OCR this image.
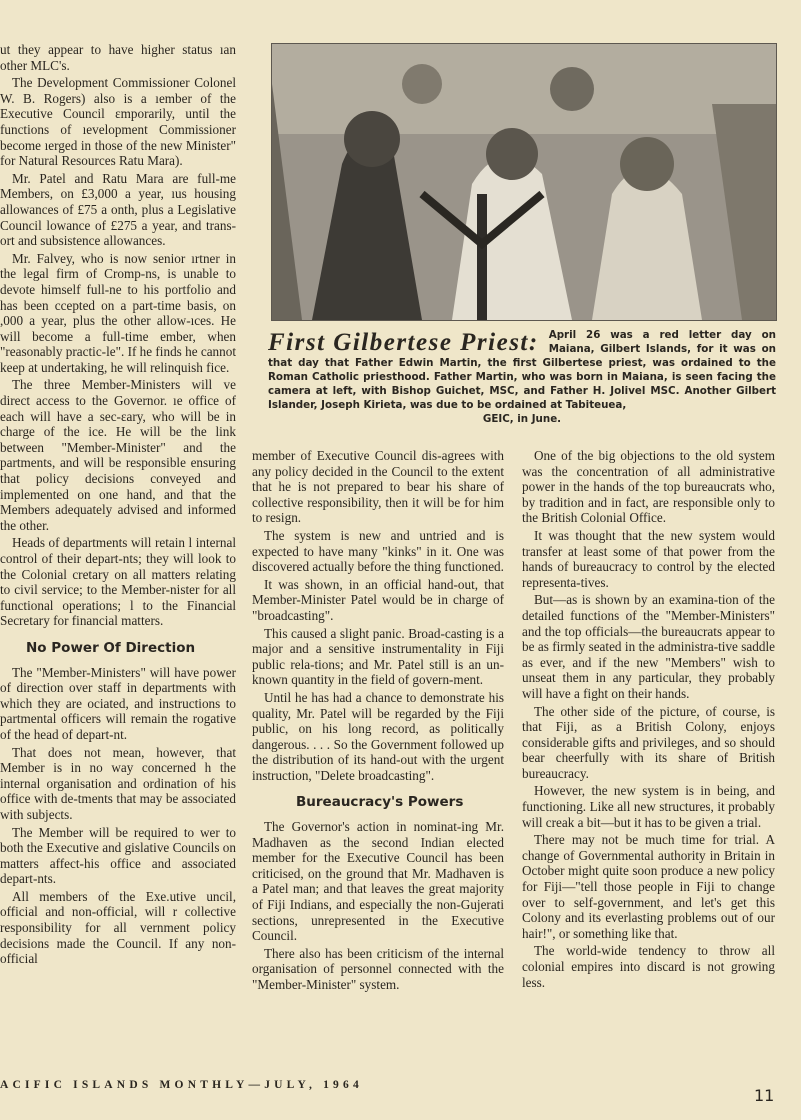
First Gilbertese Priest: April 26 was a red letter day on Maiana, Gilbert Islands, for it was on that day that Father Edwin Martin, the first Gilbertese priest, was ordained to the Roman Catholic priesthood. Father Martin, who was born in Maiana, is seen facing the camera at left, with Bishop Guichet, MSC, and Father H. Jolivel MSC. Another Gilbert Islander, Joseph Kirieta, was due to be ordained at Tabiteuea,
GEIC, in June.

ut they appear to have higher status ıan other MLC's.

The Development Commissioner Colonel W. B. Rogers) also is a ıember of the Executive Council ɛmporarily, until the functions of ıevelopment Commissioner become ıerged in those of the new Minister" for Natural Resources Ratu Mara).

Mr. Patel and Ratu Mara are full-me Members, on £3,000 a year, ıus housing allowances of £75 a onth, plus a Legislative Council lowance of £275 a year, and trans-ort and subsistence allowances.

Mr. Falvey, who is now senior ırtner in the legal firm of Cromp-ns, is unable to devote himself full-ne to his portfolio and has been ccepted on a part-time basis, on ,000 a year, plus the other allow-ıces. He will become a full-time ember, when "reasonably practic-le". If he finds he cannot keep at undertaking, he will relinquish fice.

The three Member-Ministers will ve direct access to the Governor. ıe office of each will have a sec-ɛary, who will be in charge of the ice. He will be the link between "Member-Minister" and the partments, and will be responsible ensuring that policy decisions conveyed and implemented on one hand, and that the Members adequately advised and informed the other.

Heads of departments will retain l internal control of their depart-nts; they will look to the Colonial cretary on all matters relating to civil service; to the Member-nister for all functional operations; l to the Financial Secretary for financial matters.

No Power Of Direction

The "Member-Ministers" will have power of direction over staff in departments with which they are ociated, and instructions to partmental officers will remain the rogative of the head of depart-nt.

That does not mean, however, that Member is in no way concerned h the internal organisation and ordination of his office with de-tments that may be associated with subjects.

The Member will be required to wer to both the Executive and gislative Councils on matters affect-his office and associated depart-nts.

All members of the Exe.utive uncil, official and non-official, will r collective responsibility for all vernment policy decisions made the Council. If any non-official

member of Executive Council dis-agrees with any policy decided in the Council to the extent that he is not prepared to bear his share of collective responsibility, then it will be for him to resign.

The system is new and untried and is expected to have many "kinks" in it. One was discovered actually before the thing functioned.

It was shown, in an official hand-out, that Member-Minister Patel would be in charge of "broadcasting".

This caused a slight panic. Broad-casting is a major and a sensitive instrumentality in Fiji public rela-tions; and Mr. Patel still is an un-known quantity in the field of govern-ment.

Until he has had a chance to demonstrate his quality, Mr. Patel will be regarded by the Fiji public, on his long record, as politically dangerous. . . . So the Government followed up the distribution of its hand-out with the urgent instruction, "Delete broadcasting".

Bureaucracy's Powers

The Governor's action in nominat-ing Mr. Madhaven as the second Indian elected member for the Executive Council has been criticised, on the ground that Mr. Madhaven is a Patel man; and that leaves the great majority of Fiji Indians, and especially the non-Gujerati sections, unrepresented in the Executive Council.

There also has been criticism of the internal organisation of personnel connected with the "Member-Minister" system.

One of the big objections to the old system was the concentration of all administrative power in the hands of the top bureaucrats who, by tradition and in fact, are responsible only to the British Colonial Office.

It was thought that the new system would transfer at least some of that power from the hands of bureaucracy to control by the elected representa-tives.

But—as is shown by an examina-tion of the detailed functions of the "Member-Ministers" and the top officials—the bureaucrats appear to be as firmly seated in the administra-tive saddle as ever, and if the new "Members" wish to unseat them in any particular, they probably will have a fight on their hands.

The other side of the picture, of course, is that Fiji, as a British Colony, enjoys considerable gifts and privileges, and so should bear cheerfully with its share of British bureaucracy.

However, the new system is in being, and functioning. Like all new structures, it probably will creak a bit—but it has to be given a trial.

There may not be much time for trial. A change of Governmental authority in Britain in October might quite soon produce a new policy for Fiji—"tell those people in Fiji to change over to self-government, and let's get this Colony and its everlasting problems out of our hair!", or something like that.

The world-wide tendency to throw all colonial empires into discard is not growing less.

ACIFIC ISLANDS MONTHLY—JULY, 1964
11
